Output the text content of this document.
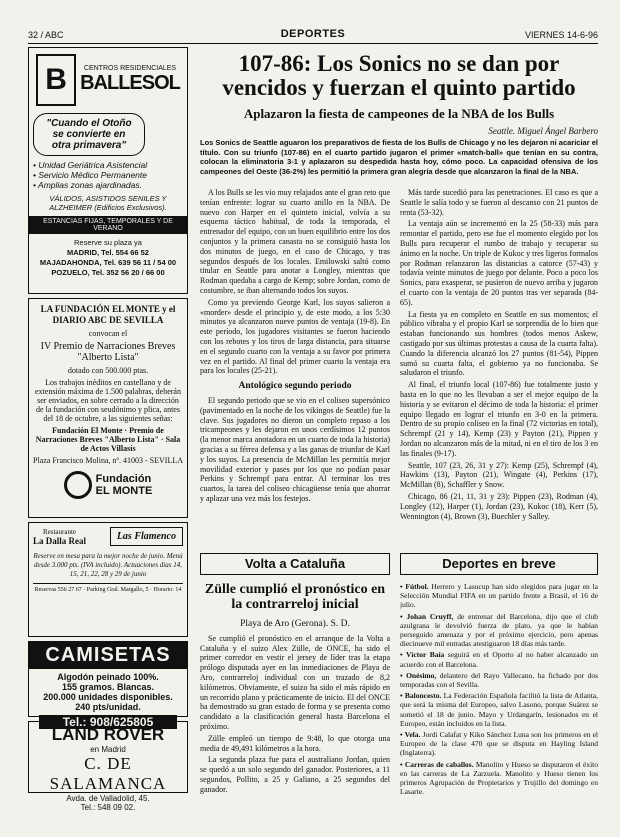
32 / ABC	DEPORTES	VIERNES 14-6-96
B	CENTROS RESIDENCIALES
BALLESOL
"Cuando el Otoño se convierte en otra primavera"
• Unidad Geriátrica Asistencial
• Servicio Médico Permanente
• Amplias zonas ajardinadas.
VÁLIDOS, ASISTIDOS SENILES Y ALZHEIMER (Edificios Exclusivos).
ESTANCIAS FIJAS, TEMPORALES Y DE VERANO
Reserve su plaza ya
MADRID, Tel. 554 66 52
MAJADAHONDA, Tel. 639 56 11 / 54 00
POZUELO, Tel. 352 56 20 / 66 00
LA FUNDACIÓN EL MONTE y el DIARIO ABC DE SEVILLA
convocan el
IV Premio de Narraciones Breves "Alberto Lista"
dotado con 500.000 ptas.
Los trabajos inéditos en castellano y de extensión máxima de 1.500 palabras, deberán ser enviados, en sobre cerrado a la dirección de la fundación con seudónimo y plica, antes del 18 de octubre, a las siguientes señas:
Fundación El Monte · Premio de Narraciones Breves "Alberto Lista" · Sala de Actos Villasís
Plaza Francisco Molina, nº. 41003 - SEVILLA
Fundación
EL MONTE
Restaurante
La Dalla Real	Las Flamenco
Reserve en mesa para la mejor noche de junio. Menú desde 3.000 pts. (IVA incluido). Actuaciones días 14, 15, 21, 22, 28 y 29 de junio
Reservas 556 27 67 · Parking Gral. Margallo, 5 · Horario: 14
CAMISETAS
Algodón peinado 100%.
155 gramos. Blancas.
200.000 unidades disponibles.
240 pts/unidad.
Tel.: 908/625805
LAND ROVER
en Madrid
C. DE SALAMANCA
Avda. de Valladolid, 45.
Tel.: 548 09 02.
107-86: Los Sonics no se dan por vencidos y fuerzan el quinto partido
Aplazaron la fiesta de campeones de la NBA de los Bulls
Seattle. Miguel Ángel Barbero

Los Sonics de Seattle aguaron los preparativos de fiesta de los Bulls de Chicago y no les dejaron ni acariciar el título. Con su triunfo (107-86) en el cuarto partido jugaron el primer «match-ball» que tenían en su contra, colocan la eliminatoria 3-1 y aplazaron su despedida hasta hoy, cómo poco. La capacidad ofensiva de los campeones del Oeste (36-2%) les permitió la primera gran alegría desde que alcanzaron la final de la NBA.

A los Bulls se les vio muy relajados ante el gran reto que tenían enfrente: lograr su cuarto anillo en la NBA. De nuevo con Harper en el quinteto inicial, volvía a su esquema táctico habitual, de toda la temporada, el entrenador del equipo, con un buen equilibrio entre los dos conjuntos y la primera canasta no se consiguió hasta los dos minutos de juego, en el caso de Chicago, y tras segundos después de los locales. Emilowski saltó como titular en Seattle para anotar a Longley, mientras que Rodman quedaba a cargo de Kemp; sobre Jordan, como de costumbre, se iban alternando todos los suyos.

Como ya previendo George Karl, los suyos salieron a «morder» desde el principio y, de este modo, a los 5:30 minutos ya alcanzaron nueve puntos de ventaja (19-8). En este período, los jugadores visitantes se fueron haciendo con los rebotes y los tiros de larga distancia, para situarse en el segundo cuarto con la ventaja a su favor por primera vez en el partido. Al final del primer cuarto la ventaja era para los locales (25-21).

Antológico segundo periodo

El segundo periodo que se vio en el coliseo supersónico (pavimentado en la noche de los vikingos de Seattle) fue la clave. Sus jugadores no dieron un completo repaso a los tricampeones y les dejaron en unos cerdísimos 12 puntos (la menor marca anotadora en un cuarto de toda la historia) gracias a su férrea defensa y a las ganas de triunfar de Karl y los suyos. La presencia de McMillan les permitía mejor movilidad exterior y pases por los que no podían pasar Perkins y Schrempf para entrar. Al terminar los tres cuartos, la tarea del coliseo chicagüense tenía que ahorrar y aplazar una vez más los festejos.

Más tarde sucedió para las penetraciones. El caso es que a Seattle le salía todo y se fueron al descanso con 21 puntos de renta (53-32).

La ventaja aún se incrementó en la 25 (58-33) más para remontar el partido, pero ese fue el momento elegido por los Bulls para recuperar el rumbo de trabajo y recuperar su ánimo en la noche. Un triple de Kukoc y tres ligeros formalos por Rodman relanzaron las distancias a catorce (57-43) y todavía veinte minutos de juego por delante. Poco a poco los Sonics, para exasperar, se pusieron de nuevo arriba y jugaron el cuarto con la ventaja de 20 puntos tras ver separada (84-65).

La fiesta ya en completo en Seattle en sus momentos; el público vibraba y el propio Karl se sorprendía de lo bien que estaban funcionando sus hombres (todos menos Askew, castigado por sus últimas protestas a causa de la cuarta falta). Cuando la diferencia alcanzó los 27 puntos (81-54), Pippen sumó su cuarta falta, el gobierno ya no funcionaba. Se saludaron el triunfo.

Al final, el triunfo local (107-86) fue totalmente justo y hasta en lo que no les llevaban a ser el mejor equipo de la historia y se evitaron el décimo de toda la historia: el primer equipo llegado en lograr el triunfo en 3-0 en la primera. Dentro de su propio coliseo en la final (72 victorias en total), Schrempf (21 y 14), Kemp (23) y Payton (21), Pippen y Jordan no alcanzaron más de la mitad, ni en el tiro de los 3 en las finales (9-17).

Seattle, 107 (23, 26, 31 y 27): Kemp (25), Schrempf (4), Hawkins (13), Payton (21), Wingate (4), Perkins (17), McMillan (8), Schaffler y Snow.

Chicago, 86 (21, 11, 31 y 23): Pippen (23), Rodman (4), Longley (12), Harper (1), Jordan (23), Kukoc (18), Kerr (5), Wennington (4), Brown (3), Buechler y Salley.

Volta a Cataluña	Deportes en breve
Zülle cumplió el pronóstico en la contrarreloj inicial

Playa de Aro (Gerona). S. D.

Se cumplió el pronóstico en el arranque de la Volta a Cataluña y el suizo Alex Zülle, de ONCE, ha sido el primer corredor en vestir el jersey de líder tras la etapa prólogo disputada ayer en las inmediaciones de Playa de Aro, contrarreloj individual con un trazado de 8,2 kilómetros. Obviamente, el suizo ha sido el más rápido en un recorrido plano y prácticamente de inicio. El del ONCE ha demostrado su gran estado de forma y se presenta como candidato a la clasificación general hasta Barcelona el próximo.

Zülle empleó un tiempo de 9:48, lo que otorga una media de 49,491 kilómetros a la hora.

La segunda plaza fue para el australiano Jordan, quien se quedó a un solo segundo del ganador. Posteriores, a 11 segundos, Pollito, a 25 y Galiano, a 25 segundos del ganador.

• Fútbol. Herrero y Lasucup han sido elegidos para jugar en la Selección Mundial FIFA en un partido frente a Brasil, el 16 de julio.

• Johan Cruyff, de entrenar del Barcelona, dijo que el club azulgrana le devolvió fuerza de plato, ya que le habían perseguido amenaza y por el próximo ejercicio, pero apenas diecinueve mil entradas atestiguaron 18 días más tarde.

• Víctor Baía seguirá en el Oporto al no haber alcanzado un acuerdo con el Barcelona.

• Onésimo, delantero del Rayo Vallecano, ha fichado por dos temporadas con el Sevilla.

• Baloncesto. La Federación Española facilitó la lista de Atlanta, que será la misma del Europeo, salvo Lasono, porque Suárez se sometió el 18 de junio. Mayo y Urdangarín, lesionados en el Europeo, están incluidos en la lista.

• Vela. Jordi Calafat y Kiko Sánchez Luna son los primeros en el Europeo de la clase 470 que se disputa en Hayling Island (Inglaterra).

• Carreras de caballos. Manolito y Hueso se disputaron el éxito en las carreras de La Zarzuela. Manolito y Hueso tienen los primeros Agrupación de Propietarios y Trujillo del domingo en Lasarte.
